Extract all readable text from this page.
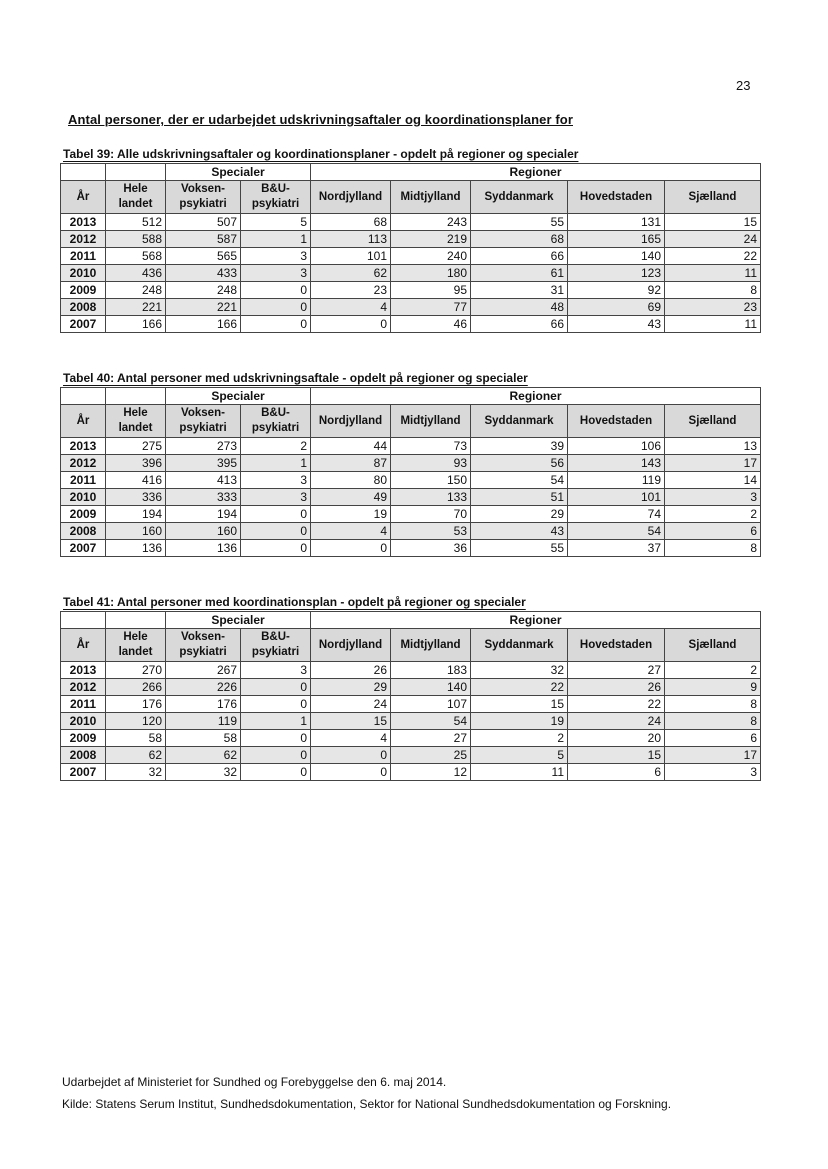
23
Antal personer, der er udarbejdet udskrivningsaftaler og koordinationsplaner for
Tabel 39: Alle udskrivningsaftaler og koordinationsplaner - opdelt på regioner og specialer
		Specialer		Regioner				
År	Hele landet	Voksen-psykiatri	B&U-psykiatri	Nordjylland	Midtjylland	Syddanmark	Hovedstaden	Sjælland
2013	512	507	5	68	243	55	131	15
2012	588	587	1	113	219	68	165	24
2011	568	565	3	101	240	66	140	22
2010	436	433	3	62	180	61	123	11
2009	248	248	0	23	95	31	92	8
2008	221	221	0	4	77	48	69	23
2007	166	166	0	0	46	66	43	11
Tabel 40: Antal personer med udskrivningsaftale - opdelt på regioner og specialer
		Specialer		Regioner				
År	Hele landet	Voksen-psykiatri	B&U-psykiatri	Nordjylland	Midtjylland	Syddanmark	Hovedstaden	Sjælland
2013	275	273	2	44	73	39	106	13
2012	396	395	1	87	93	56	143	17
2011	416	413	3	80	150	54	119	14
2010	336	333	3	49	133	51	101	3
2009	194	194	0	19	70	29	74	2
2008	160	160	0	4	53	43	54	6
2007	136	136	0	0	36	55	37	8
Tabel 41: Antal personer med koordinationsplan - opdelt på regioner og specialer
		Specialer		Regioner				
År	Hele landet	Voksen-psykiatri	B&U-psykiatri	Nordjylland	Midtjylland	Syddanmark	Hovedstaden	Sjælland
2013	270	267	3	26	183	32	27	2
2012	266	226	0	29	140	22	26	9
2011	176	176	0	24	107	15	22	8
2010	120	119	1	15	54	19	24	8
2009	58	58	0	4	27	2	20	6
2008	62	62	0	0	25	5	15	17
2007	32	32	0	0	12	11	6	3
Udarbejdet af Ministeriet for Sundhed og Forebyggelse den 6. maj 2014.
Kilde: Statens Serum Institut, Sundhedsdokumentation, Sektor for National Sundhedsdokumentation og Forskning.
